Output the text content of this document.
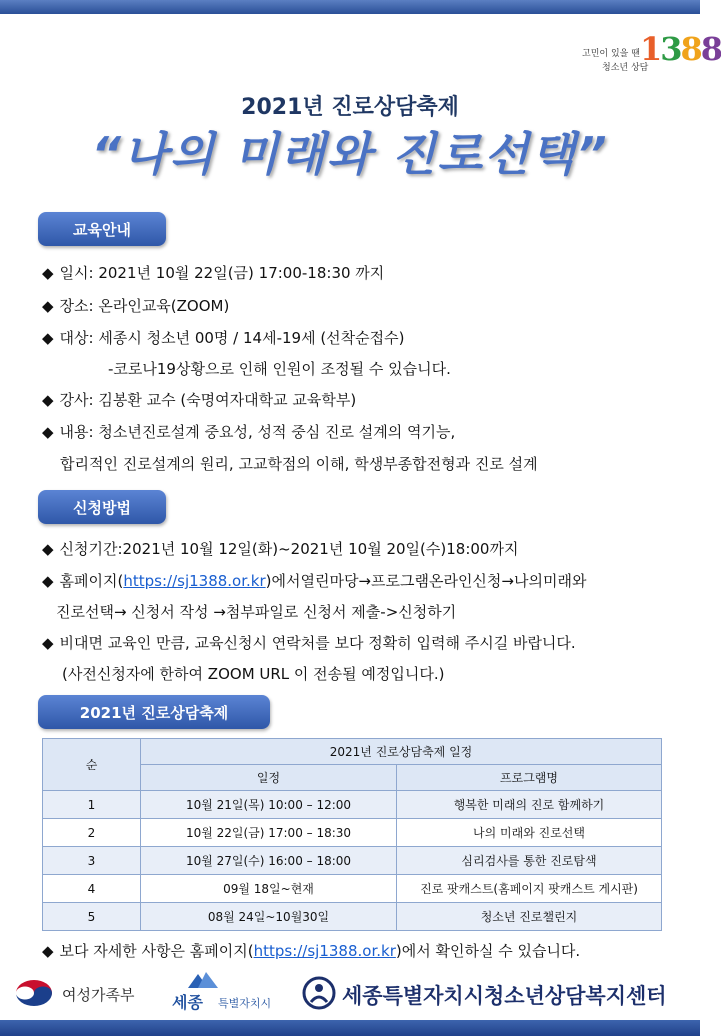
고민이 있을 땐
청소년 상담
1388
2021년 진로상담축제
“나의 미래와 진로선택”
교육안내
◆ 일시: 2021년 10월 22일(금) 17:00-18:30 까지
◆ 장소: 온라인교육(ZOOM)
◆ 대상: 세종시 청소년 00명 / 14세-19세 (선착순접수)
-코로나19상황으로 인해 인원이 조정될 수 있습니다.
◆ 강사: 김봉환 교수 (숙명여자대학교 교육학부)
◆ 내용: 청소년진로설계 중요성, 성적 중심 진로 설계의 역기능,
합리적인 진로설계의 원리, 고교학점의 이해, 학생부종합전형과 진로 설계
신청방법
◆ 신청기간:2021년 10월 12일(화)~2021년 10월 20일(수)18:00까지
◆ 홈페이지(https://sj1388.or.kr)에서열린마당→프로그램온라인신청→나의미래와
진로선택→ 신청서 작성 →첨부파일로 신청서 제출->신청하기
◆ 비대면 교육인 만큼, 교육신청시 연락처를 보다 정확히 입력해 주시길 바랍니다.
(사전신청자에 한하여 ZOOM URL 이 전송될 예정입니다.)
2021년 진로상담축제
순	2021년 진로상담축제 일정	
	일정	프로그램명
1	10월 21일(목) 10:00 – 12:00	행복한 미래의 진로 함께하기
2	10월 22일(금) 17:00 – 18:30	나의 미래와 진로선택
3	10월 27일(수) 16:00 – 18:00	심리검사를 통한 진로탐색
4	09월 18일~현재	진로 팟캐스트(홈페이지 팟캐스트 게시판)
5	08월 24일~10월30일	청소년 진로챌린지
◆ 보다 자세한 사항은 홈페이지(https://sj1388.or.kr)에서 확인하실 수 있습니다.
여성가족부 세종 특별자치시	세종특별자치시청소년상담복지센터
